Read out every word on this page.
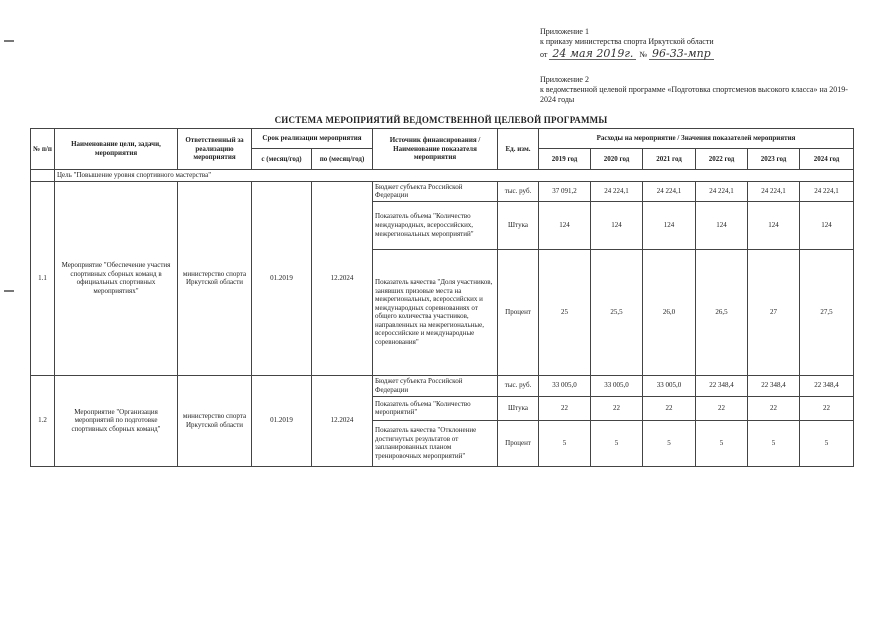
Приложение 1
к приказу министерства спорта Иркутской области
от 24 мая 2019г. № 96-33-мпр
Приложение 2
к ведомственной целевой программе «Подготовка спортсменов высокого класса» на 2019-2024 годы
СИСТЕМА МЕРОПРИЯТИЙ ВЕДОМСТВЕННОЙ ЦЕЛЕВОЙ ПРОГРАММЫ
№ п/п	Наименование цели, задачи, мероприятия	Ответственный за реализацию мероприятия	Срок реализации мероприятия		Источник финансирования / Наименование показателя мероприятия	Ед. изм.	Расходы на мероприятие / Значения показателей мероприятия					
			с (месяц/год)	по (месяц/год)			2019 год	2020 год	2021 год	2022 год	2023 год	2024 год
	Цель "Повышение уровня спортивного мастерства"											
1.1	Мероприятие "Обеспечение участия спортивных сборных команд в официальных спортивных мероприятиях"	министерство спорта Иркутской области	01.2019	12.2024	Бюджет субъекта Российской Федерации	тыс. руб.	37 091,2	24 224,1	24 224,1	24 224,1	24 224,1	24 224,1
					Показатель объема "Количество международных, всероссийских, межрегиональных мероприятий"	Штука	124	124	124	124	124	124
					Показатель качества "Доля участников, занявших призовые места на межрегиональных, всероссийских и международных соревнованиях от общего количества участников, направленных на межрегиональные, всероссийские и международные соревнования"	Процент	25	25,5	26,0	26,5	27	27,5
1.2	Мероприятие "Организация мероприятий по подготовке спортивных сборных команд"	министерство спорта Иркутской области	01.2019	12.2024	Бюджет субъекта Российской Федерации	тыс. руб.	33 005,0	33 005,0	33 005,0	22 348,4	22 348,4	22 348,4
					Показатель объема "Количество мероприятий"	Штука	22	22	22	22	22	22
					Показатель качества "Отклонение достигнутых результатов от запланированных планом тренировочных мероприятий"	Процент	5	5	5	5	5	5
